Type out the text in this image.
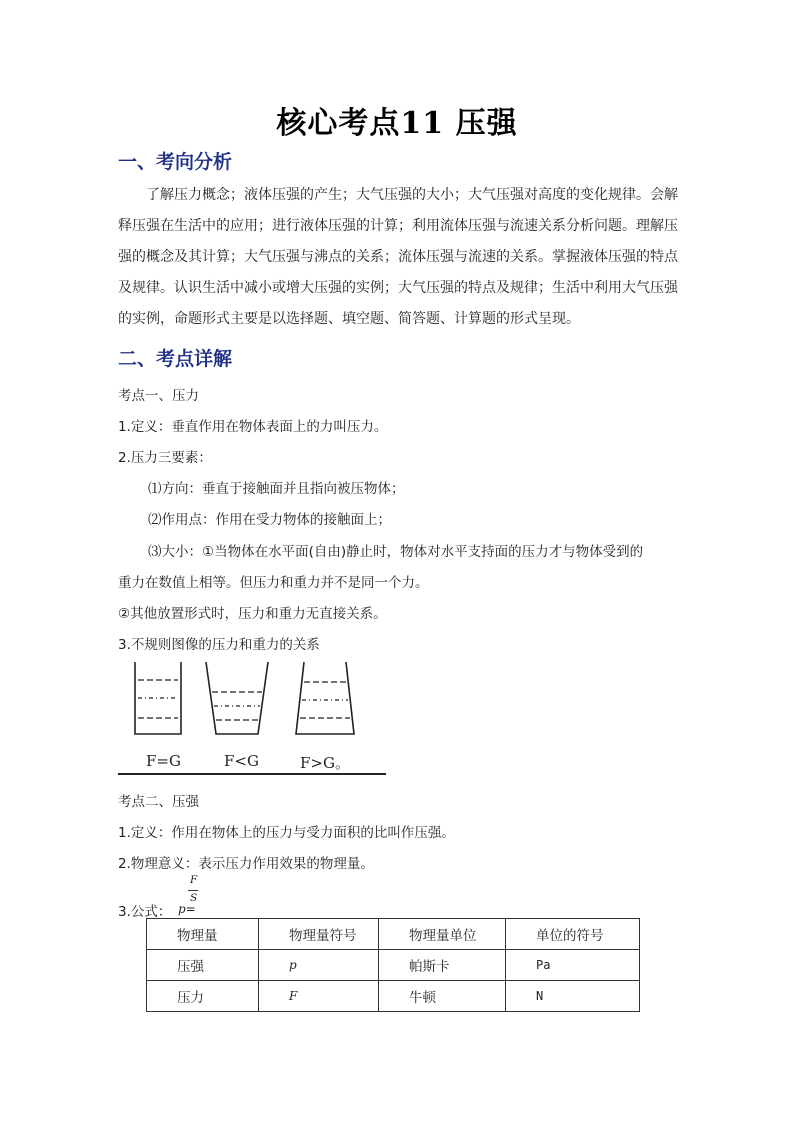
核心考点11 压强
一、考向分析
了解压力概念；液体压强的产生；大气压强的大小；大气压强对高度的变化规律。会解释压强在生活中的应用；进行液体压强的计算；利用流体压强与流速关系分析问题。理解压强的概念及其计算；大气压强与沸点的关系；流体压强与流速的关系。掌握液体压强的特点及规律。认识生活中减小或增大压强的实例；大气压强的特点及规律；生活中利用大气压强的实例，命题形式主要是以选择题、填空题、简答题、计算题的形式呈现。
二、考点详解
考点一、压力
1.定义：垂直作用在物体表面上的力叫压力。
2.压力三要素：
⑴方向：垂直于接触面并且指向被压物体；
⑵作用点：作用在受力物体的接触面上；
⑶大小：①当物体在水平面(自由)静止时，物体对水平支持面的压力才与物体受到的
重力在数值上相等。但压力和重力并不是同一个力。
②其他放置形式时，压力和重力无直接关系。
3.不规则图像的压力和重力的关系
F=G	F<G	F>G。
考点二、压强
1.定义：作用在物体上的压力与受力面积的比叫作压强。
2.物理意义：表示压力作用效果的物理量。
3.公式：
F
S
p=
物理量	物理量符号	物理量单位	单位的符号
压强	p	帕斯卡	Pa
压力	F	牛顿	N
